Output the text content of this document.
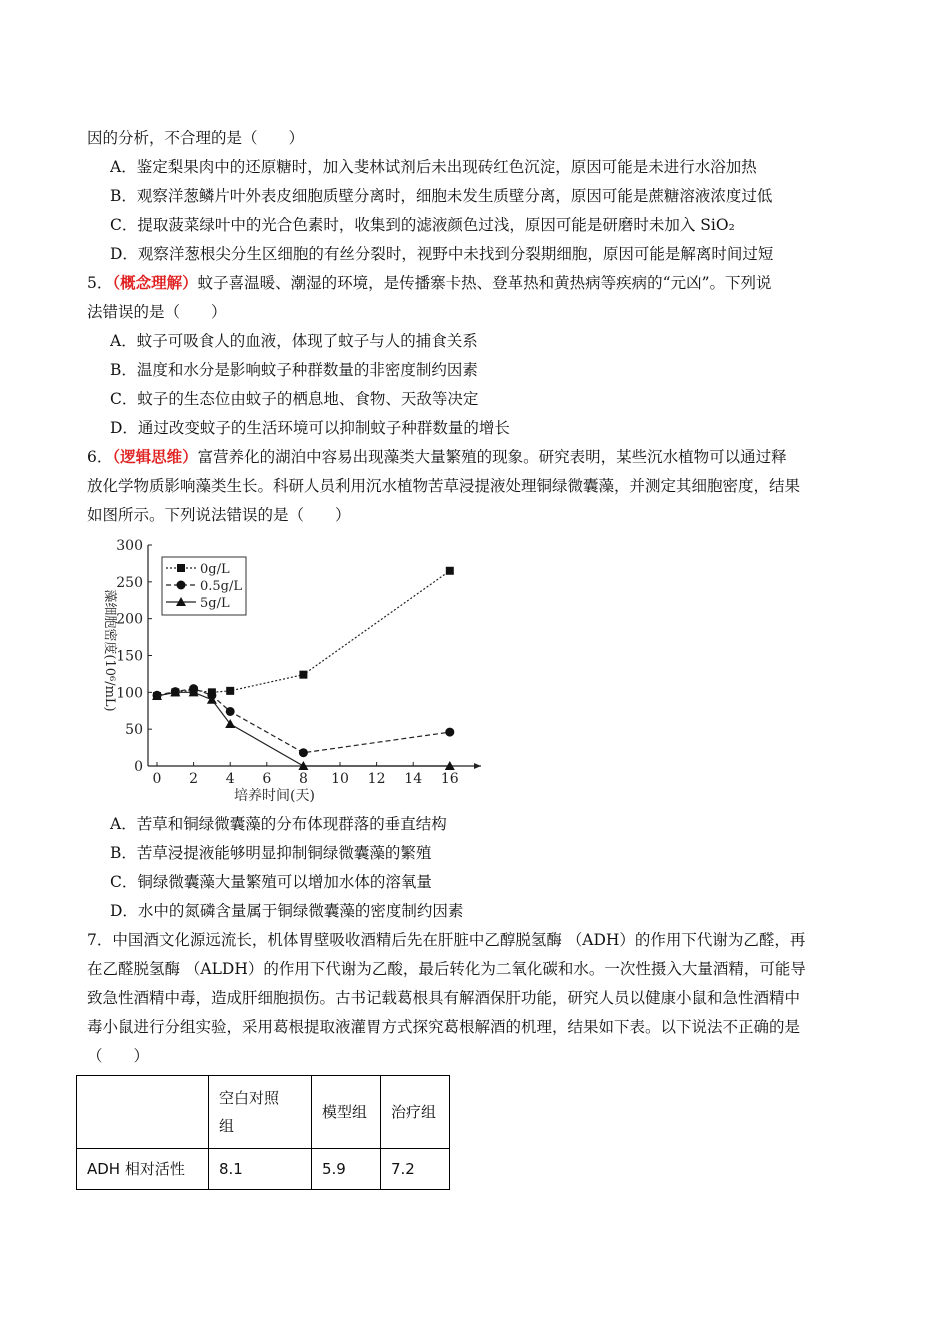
因的分析，不合理的是（　　）
A．鉴定梨果肉中的还原糖时，加入斐林试剂后未出现砖红色沉淀，原因可能是未进行水浴加热
B．观察洋葱鳞片叶外表皮细胞质壁分离时，细胞未发生质壁分离，原因可能是蔗糖溶液浓度过低
C．提取菠菜绿叶中的光合色素时，收集到的滤液颜色过浅，原因可能是研磨时未加入 SiO₂
D．观察洋葱根尖分生区细胞的有丝分裂时，视野中未找到分裂期细胞，原因可能是解离时间过短
5．（概念理解）蚊子喜温暖、潮湿的环境，是传播寨卡热、登革热和黄热病等疾病的“元凶”。下列说
法错误的是（　　）
A．蚊子可吸食人的血液，体现了蚊子与人的捕食关系
B．温度和水分是影响蚊子种群数量的非密度制约因素
C．蚊子的生态位由蚊子的栖息地、食物、天敌等决定
D．通过改变蚊子的生活环境可以抑制蚊子种群数量的增长
6．（逻辑思维）富营养化的湖泊中容易出现藻类大量繁殖的现象。研究表明，某些沉水植物可以通过释
放化学物质影响藻类生长。科研人员利用沉水植物苦草浸提液处理铜绿微囊藻，并测定其细胞密度，结果
如图所示。下列说法错误的是（　　）
0
50
100
150
200
250
300
0 2 4 6 8 10 12 14 16
培养时间(天)
藻细胞密度(10⁶/mL)
0g/L
0.5g/L
5g/L
A．苦草和铜绿微囊藻的分布体现群落的垂直结构
B．苦草浸提液能够明显抑制铜绿微囊藻的繁殖
C．铜绿微囊藻大量繁殖可以增加水体的溶氧量
D．水中的氮磷含量属于铜绿微囊藻的密度制约因素
7．中国酒文化源远流长，机体胃壁吸收酒精后先在肝脏中乙醇脱氢酶 （ADH）的作用下代谢为乙醛，再
在乙醛脱氢酶 （ALDH）的作用下代谢为乙酸，最后转化为二氧化碳和水。一次性摄入大量酒精，可能导
致急性酒精中毒，造成肝细胞损伤。古书记载葛根具有解酒保肝功能，研究人员以健康小鼠和急性酒精中
毒小鼠进行分组实验，采用葛根提取液灌胃方式探究葛根解酒的机理，结果如下表。以下说法不正确的是
（　　）
	空白对照
组	模型组	治疗组
ADH 相对活性	8.1	5.9	7.2
